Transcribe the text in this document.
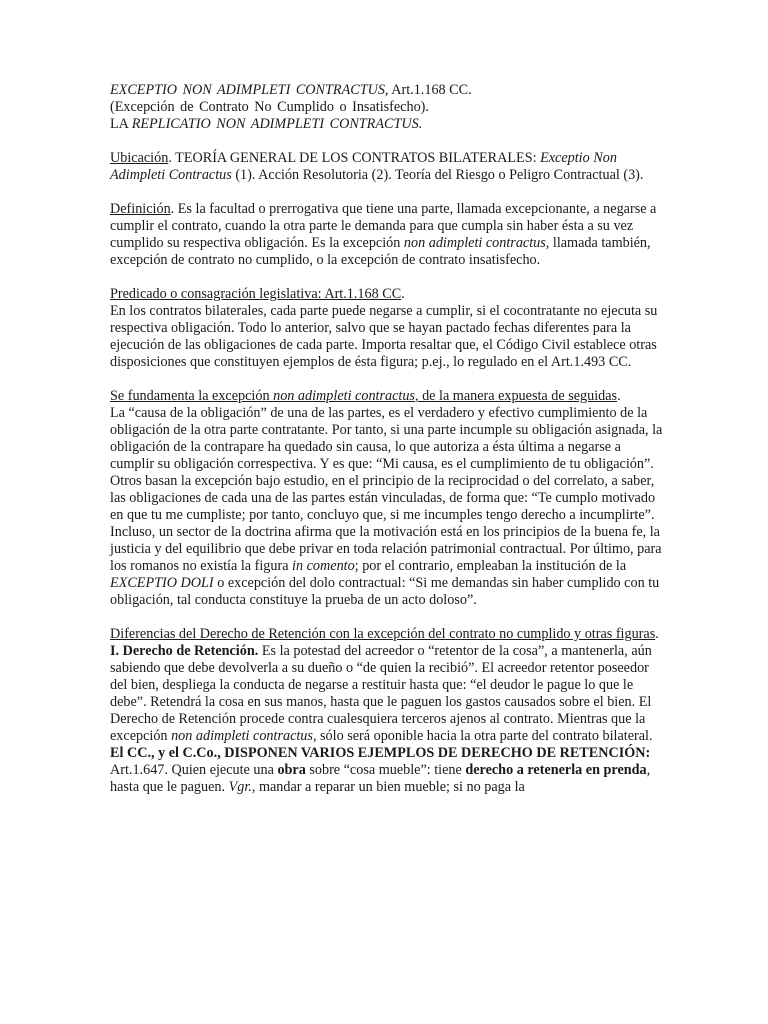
EXCEPTIO NON ADIMPLETI CONTRACTUS, Art.1.168 CC.

(Excepción de Contrato No Cumplido o Insatisfecho).

LA REPLICATIO NON ADIMPLETI CONTRACTUS.

Ubicación. TEORÍA GENERAL DE LOS CONTRATOS BILATERALES: Exceptio Non Adimpleti Contractus (1). Acción Resolutoria (2). Teoría del Riesgo o Peligro Contractual (3).

Definición. Es la facultad o prerrogativa que tiene una parte, llamada excepcionante, a negarse a cumplir el contrato, cuando la otra parte le demanda para que cumpla sin haber ésta a su vez cumplido su respectiva obligación. Es la excepción non adimpleti contractus, llamada también, excepción de contrato no cumplido, o la excepción de contrato insatisfecho.

Predicado o consagración legislativa: Art.1.168 CC.

En los contratos bilaterales, cada parte puede negarse a cumplir, si el cocontratante no ejecuta su respectiva obligación. Todo lo anterior, salvo que se hayan pactado fechas diferentes para la ejecución de las obligaciones de cada parte. Importa resaltar que, el Código Civil establece otras disposiciones que constituyen ejemplos de ésta figura; p.ej., lo regulado en el Art.1.493 CC.

Se fundamenta la excepción non adimpleti contractus, de la manera expuesta de seguidas.

La “causa de la obligación” de una de las partes, es el verdadero y efectivo cumplimiento de la obligación de la otra parte contratante. Por tanto, si una parte incumple su obligación asignada, la obligación de la contrapare ha quedado sin causa, lo que autoriza a ésta última a negarse a cumplir su obligación correspectiva. Y es que: “Mi causa, es el cumplimiento de tu obligación”. Otros basan la excepción bajo estudio, en el principio de la reciprocidad o del correlato, a saber, las obligaciones de cada una de las partes están vinculadas, de forma que: “Te cumplo motivado en que tu me cumpliste; por tanto, concluyo que, si me incumples tengo derecho a incumplirte”. Incluso, un sector de la doctrina afirma que la motivación está en los principios de la buena fe, la justicia y del equilibrio que debe privar en toda relación patrimonial contractual. Por último, para los romanos no existía la figura in comento; por el contrario, empleaban la institución de la EXCEPTIO DOLI o excepción del dolo contractual: “Si me demandas sin haber cumplido con tu obligación, tal conducta constituye la prueba de un acto doloso”.

Diferencias del Derecho de Retención con la excepción del contrato no cumplido y otras figuras.

I. Derecho de Retención. Es la potestad del acreedor o “retentor de la cosa”, a mantenerla, aún sabiendo que debe devolverla a su dueño o “de quien la recibió”. El acreedor retentor poseedor del bien, despliega la conducta de negarse a restituir hasta que: “el deudor le pague lo que le debe”. Retendrá la cosa en sus manos, hasta que le paguen los gastos causados sobre el bien. El Derecho de Retención procede contra cualesquiera terceros ajenos al contrato. Mientras que la excepción non adimpleti contractus, sólo será oponible hacia la otra parte del contrato bilateral. El CC., y el C.Co., DISPONEN VARIOS EJEMPLOS DE DERECHO DE RETENCIÓN: Art.1.647. Quien ejecute una obra sobre “cosa mueble”: tiene derecho a retenerla en prenda, hasta que le paguen. Vgr., mandar a reparar un bien mueble; si no paga la
